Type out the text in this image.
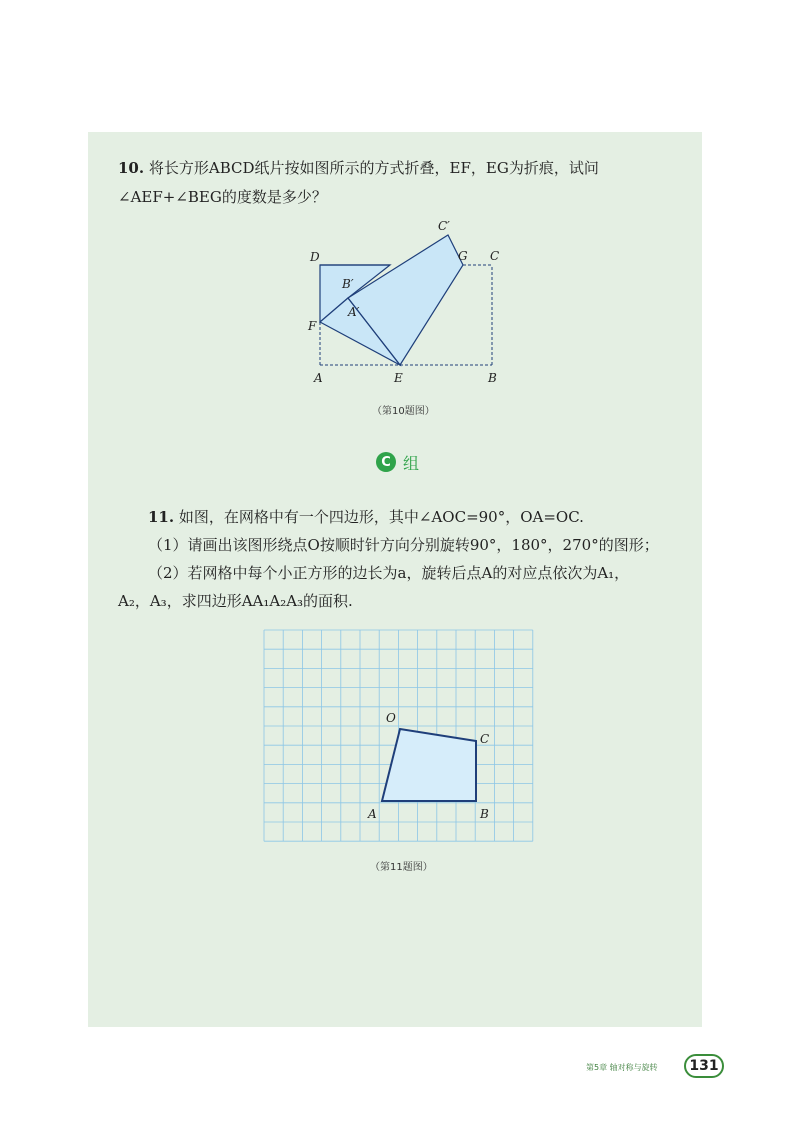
10. 将长方形ABCD纸片按如图所示的方式折叠，EF，EG为折痕，试问
∠AEF+∠BEG的度数是多少？
D
C′
G C
B′
A′
F
A	E	B
（第10题图）
C 组
11. 如图，在网格中有一个四边形，其中∠AOC=90°，OA=OC.
（1）请画出该图形绕点O按顺时针方向分别旋转90°，180°，270°的图形；
（2）若网格中每个小正方形的边长为a，旋转后点A的对应点依次为A₁，
A₂，A₃，求四边形AA₁A₂A₃的面积.
O
C
A	B
（第11题图）
第5章 轴对称与旋转	131
